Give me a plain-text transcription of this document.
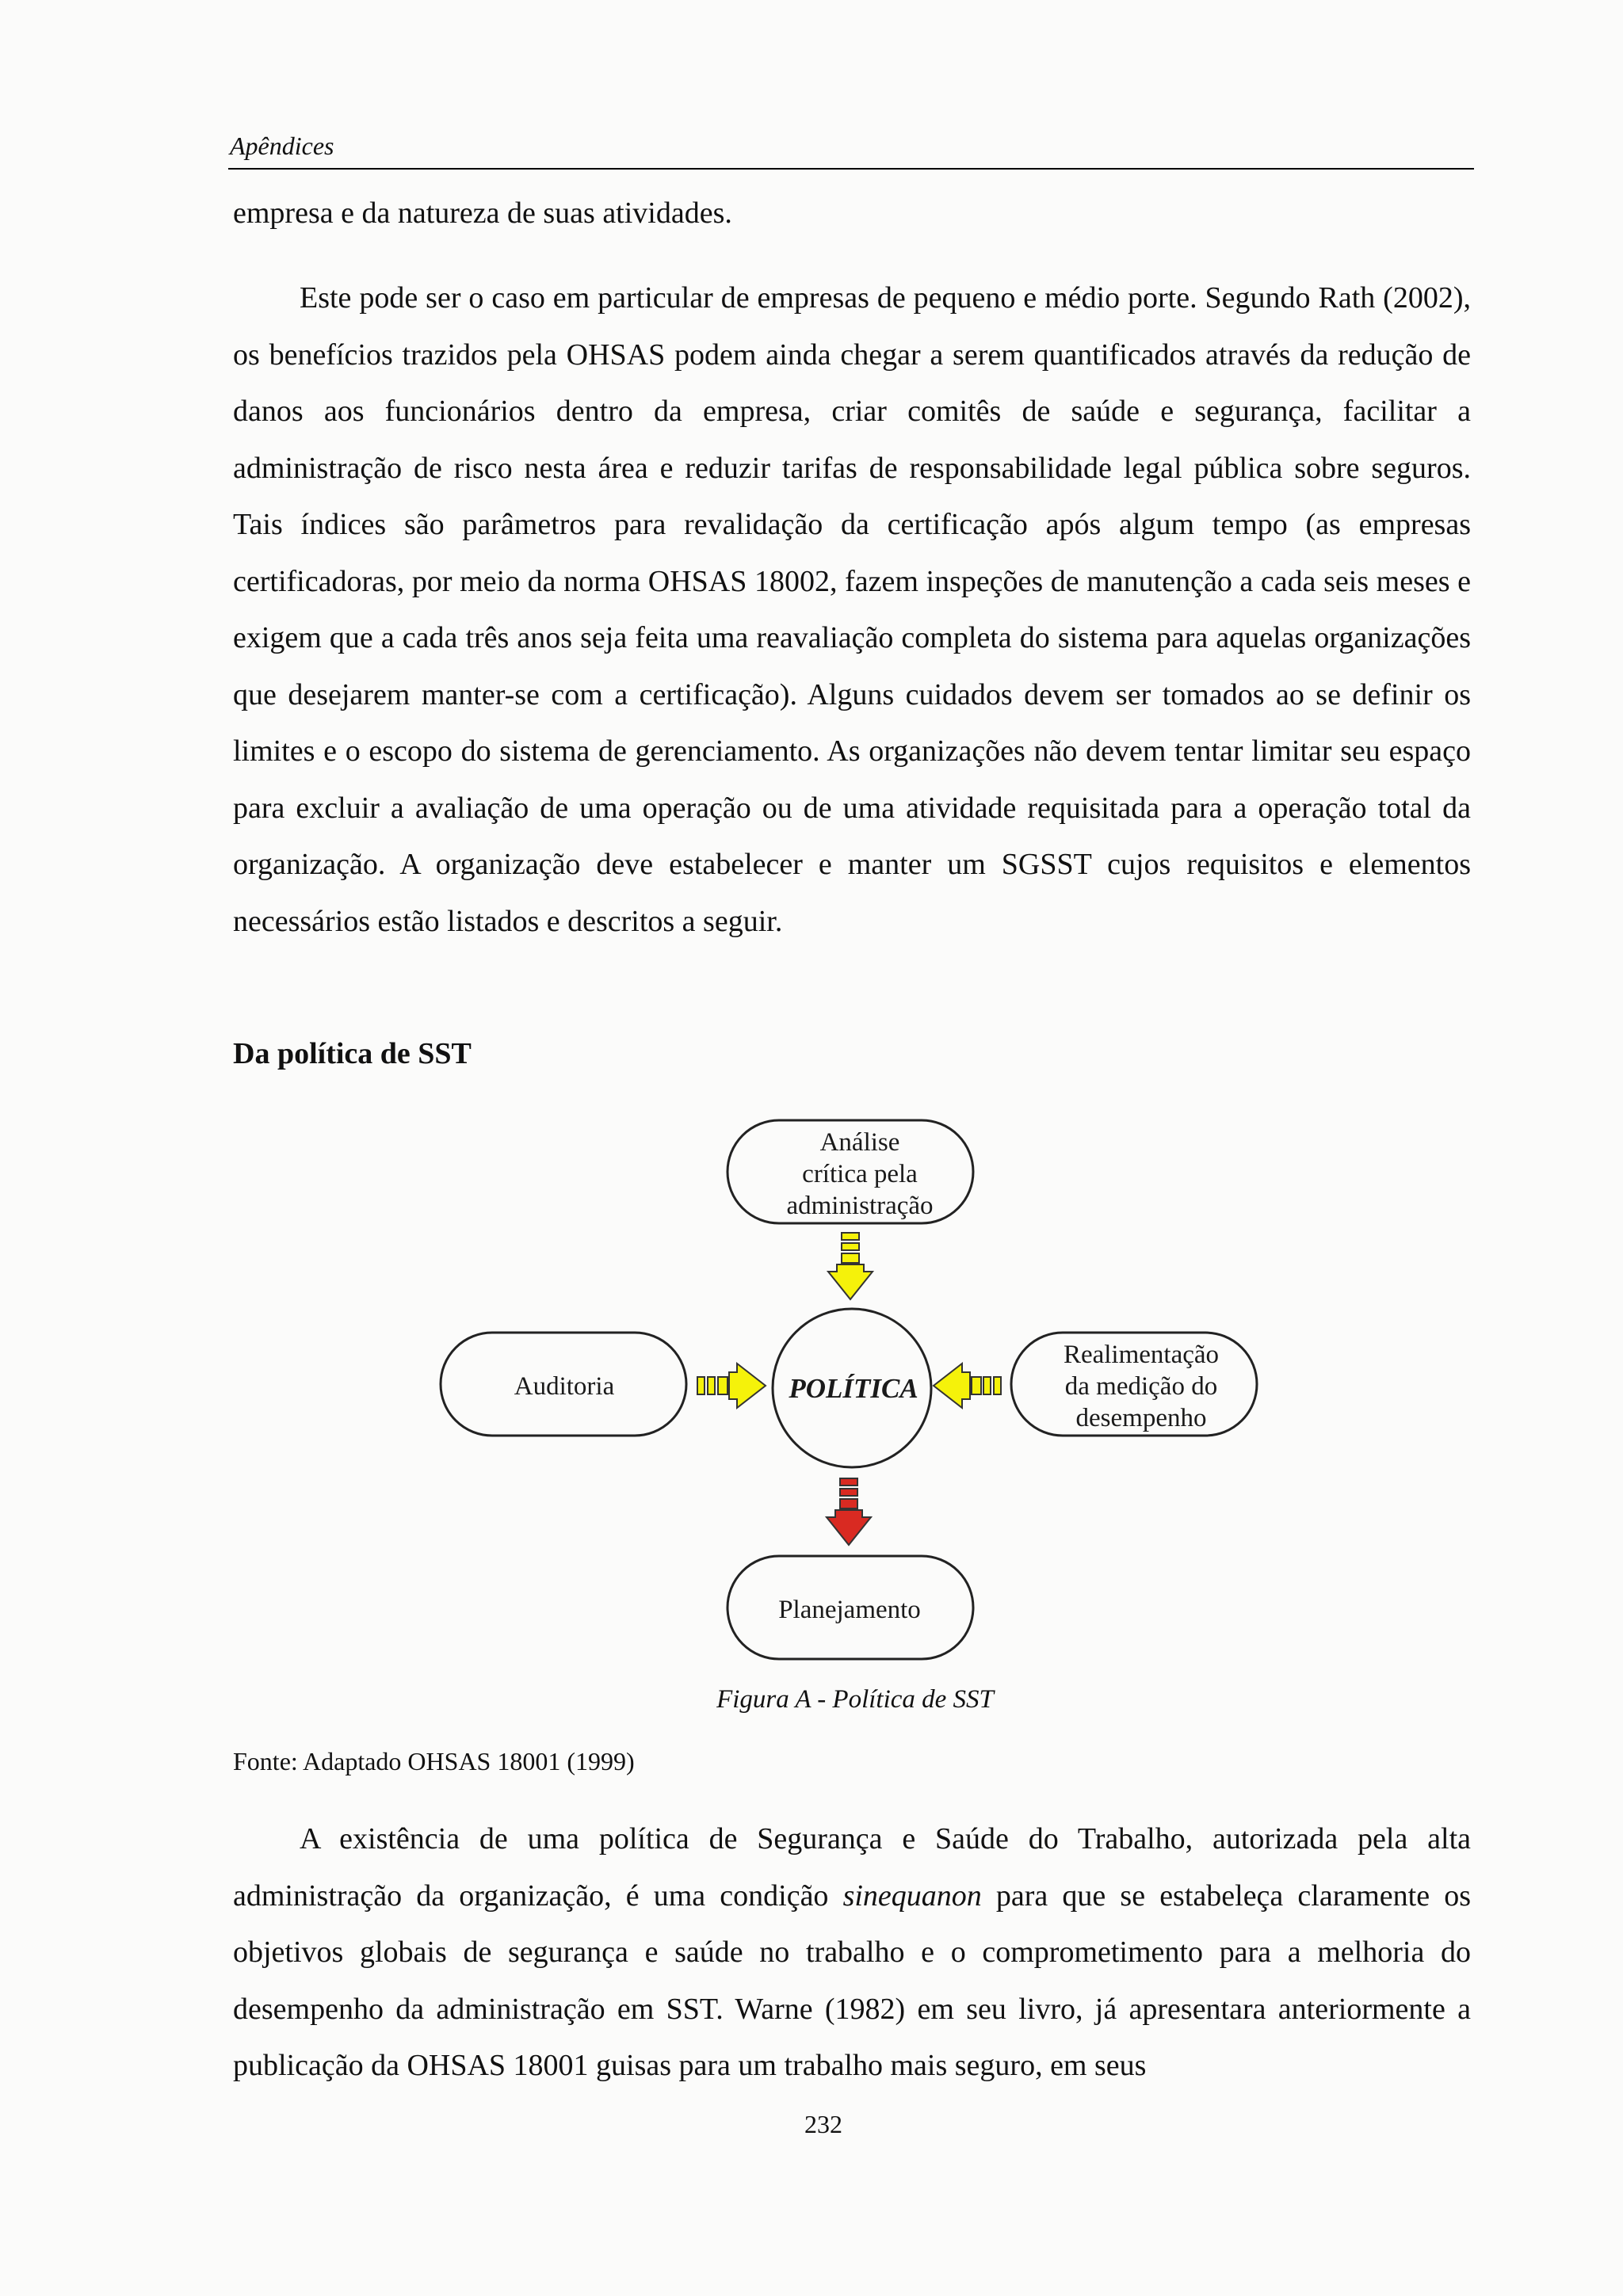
Apêndices

empresa e da natureza de suas atividades.

Este pode ser o caso em particular de empresas de pequeno e médio porte. Segundo Rath (2002), os benefícios trazidos pela OHSAS podem ainda chegar a serem quantificados através da redução de danos aos funcionários dentro da empresa, criar comitês de saúde e segurança, facilitar a administração de risco nesta área e reduzir tarifas de responsabilidade legal pública sobre seguros. Tais índices são parâmetros para revalidação da certificação após algum tempo (as empresas certificadoras, por meio da norma OHSAS 18002, fazem inspeções de manutenção a cada seis meses e exigem que a cada três anos seja feita uma reavaliação completa do sistema para aquelas organizações que desejarem manter-se com a certificação). Alguns cuidados devem ser tomados ao se definir os limites e o escopo do sistema de gerenciamento. As organizações não devem tentar limitar seu espaço para excluir a avaliação de uma operação ou de uma atividade requisitada para a operação total da organização. A organização deve estabelecer e manter um SGSST cujos requisitos e elementos necessários estão listados e descritos a seguir.

Da política de SST
Análise
crítica pela
administração
POLÍTICA
Auditoria
Realimentação
da medição do
desempenho
Planejamento
Figura A - Política de SST
Fonte: Adaptado OHSAS 18001 (1999)

A existência de uma política de Segurança e Saúde do Trabalho, autorizada pela alta administração da organização, é uma condição sinequanon para que se estabeleça claramente os objetivos globais de segurança e saúde no trabalho e o comprometimento para a melhoria do desempenho da administração em SST. Warne (1982) em seu livro, já apresentara anteriormente a publicação da OHSAS 18001 guisas para um trabalho mais seguro, em seus

232
